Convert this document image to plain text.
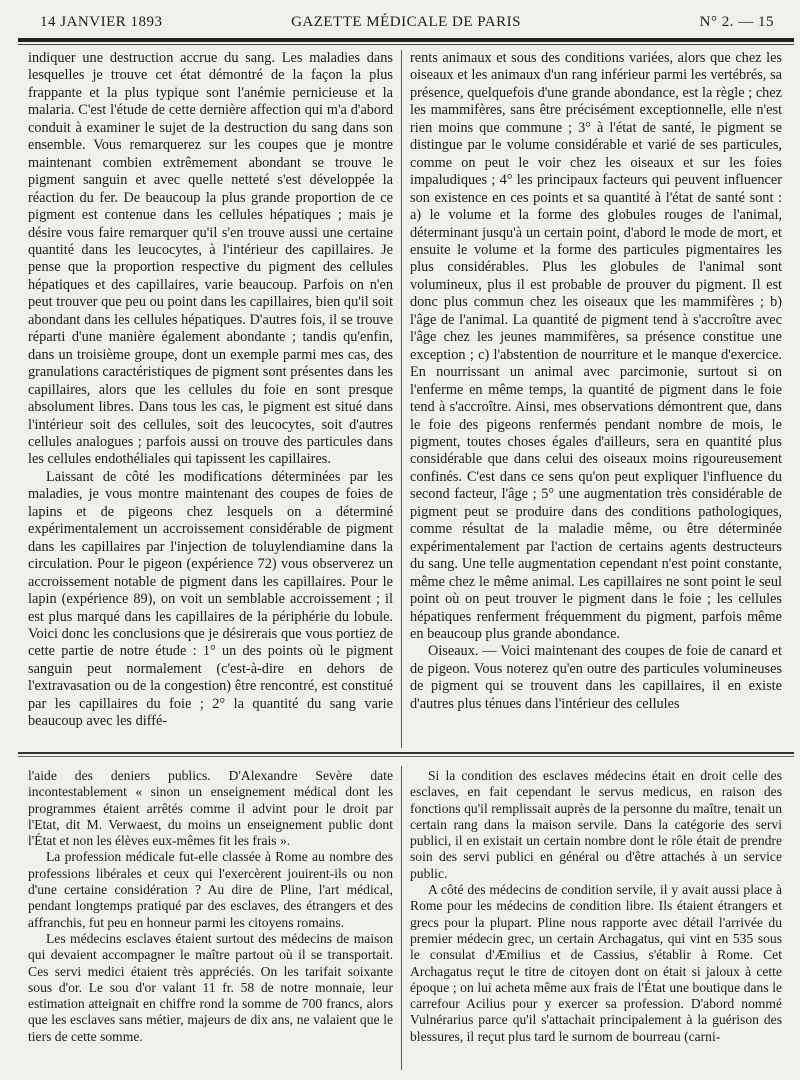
14 JANVIER 1893	GAZETTE MÉDICALE DE PARIS	N° 2. — 15

indiquer une destruction accrue du sang. Les maladies dans lesquelles je trouve cet état démontré de la façon la plus frappante et la plus typique sont l'anémie pernicieuse et la malaria. C'est l'étude de cette dernière affection qui m'a d'abord conduit à examiner le sujet de la destruction du sang dans son ensemble. Vous remarquerez sur les coupes que je montre maintenant combien extrêmement abondant se trouve le pigment sanguin et avec quelle netteté s'est développée la réaction du fer. De beaucoup la plus grande proportion de ce pigment est contenue dans les cellules hépatiques ; mais je désire vous faire remarquer qu'il s'en trouve aussi une certaine quantité dans les leucocytes, à l'intérieur des capillaires. Je pense que la proportion respective du pigment des cellules hépatiques et des capillaires, varie beaucoup. Parfois on n'en peut trouver que peu ou point dans les capillaires, bien qu'il soit abondant dans les cellules hépatiques. D'autres fois, il se trouve réparti d'une manière également abondante ; tandis qu'enfin, dans un troisième groupe, dont un exemple parmi mes cas, des granulations caractéristiques de pigment sont présentes dans les capillaires, alors que les cellules du foie en sont presque absolument libres. Dans tous les cas, le pigment est situé dans l'intérieur soit des cellules, soit des leucocytes, soit d'autres cellules analogues ; parfois aussi on trouve des particules dans les cellules endothéliales qui tapissent les capillaires.

Laissant de côté les modifications déterminées par les maladies, je vous montre maintenant des coupes de foies de lapins et de pigeons chez lesquels on a déterminé expérimentalement un accroissement considérable de pigment dans les capillaires par l'injection de toluylendiamine dans la circulation. Pour le pigeon (expérience 72) vous observerez un accroissement notable de pigment dans les capillaires. Pour le lapin (expérience 89), on voit un semblable accroissement ; il est plus marqué dans les capillaires de la périphérie du lobule. Voici donc les conclusions que je désirerais que vous portiez de cette partie de notre étude : 1° un des points où le pigment sanguin peut normalement (c'est-à-dire en dehors de l'extravasation ou de la congestion) être rencontré, est constitué par les capillaires du foie ; 2° la quantité du sang varie beaucoup avec les diffé-

rents animaux et sous des conditions variées, alors que chez les oiseaux et les animaux d'un rang inférieur parmi les vertébrés, sa présence, quelquefois d'une grande abondance, est la règle ; chez les mammifères, sans être précisément exceptionnelle, elle n'est rien moins que commune ; 3° à l'état de santé, le pigment se distingue par le volume considérable et varié de ses particules, comme on peut le voir chez les oiseaux et sur les foies impaludiques ; 4° les principaux facteurs qui peuvent influencer son existence en ces points et sa quantité à l'état de santé sont : a) le volume et la forme des globules rouges de l'animal, déterminant jusqu'à un certain point, d'abord le mode de mort, et ensuite le volume et la forme des particules pigmentaires les plus considérables. Plus les globules de l'animal sont volumineux, plus il est probable de prouver du pigment. Il est donc plus commun chez les oiseaux que les mammifères ; b) l'âge de l'animal. La quantité de pigment tend à s'accroître avec l'âge chez les jeunes mammifères, sa présence constitue une exception ; c) l'abstention de nourriture et le manque d'exercice. En nourrissant un animal avec parcimonie, surtout si on l'enferme en même temps, la quantité de pigment dans le foie tend à s'accroître. Ainsi, mes observations démontrent que, dans le foie des pigeons renfermés pendant nombre de mois, le pigment, toutes choses égales d'ailleurs, sera en quantité plus considérable que dans celui des oiseaux moins rigoureusement confinés. C'est dans ce sens qu'on peut expliquer l'influence du second facteur, l'âge ; 5° une augmentation très considérable de pigment peut se produire dans des conditions pathologiques, comme résultat de la maladie même, ou être déterminée expérimentalement par l'action de certains agents destructeurs du sang. Une telle augmentation cependant n'est point constante, même chez le même animal. Les capillaires ne sont point le seul point où on peut trouver le pigment dans le foie ; les cellules hépatiques renferment fréquemment du pigment, parfois même en beaucoup plus grande abondance.

Oiseaux. — Voici maintenant des coupes de foie de canard et de pigeon. Vous noterez qu'en outre des particules volumineuses de pigment qui se trouvent dans les capillaires, il en existe d'autres plus ténues dans l'intérieur des cellules

l'aide des deniers publics. D'Alexandre Sevère date incontestablement « sinon un enseignement médical dont les programmes étaient arrêtés comme il advint pour le droit par l'Etat, dit M. Verwaest, du moins un enseignement public dont l'État et non les élèves eux-mêmes fit les frais ».

La profession médicale fut-elle classée à Rome au nombre des professions libérales et ceux qui l'exercèrent jouirent-ils ou non d'une certaine considération ? Au dire de Pline, l'art médical, pendant longtemps pratiqué par des esclaves, des étrangers et des affranchis, fut peu en honneur parmi les citoyens romains.

Les médecins esclaves étaient surtout des médecins de maison qui devaient accompagner le maître partout où il se transportait. Ces servi medici étaient très appréciés. On les tarifait soixante sous d'or. Le sou d'or valant 11 fr. 58 de notre monnaie, leur estimation atteignait en chiffre rond la somme de 700 francs, alors que les esclaves sans métier, majeurs de dix ans, ne valaient que le tiers de cette somme.

Si la condition des esclaves médecins était en droit celle des esclaves, en fait cependant le servus medicus, en raison des fonctions qu'il remplissait auprès de la personne du maître, tenait un certain rang dans la maison servile. Dans la catégorie des servi publici, il en existait un certain nombre dont le rôle était de prendre soin des servi publici en général ou d'être attachés à un service public.

A côté des médecins de condition servile, il y avait aussi place à Rome pour les médecins de condition libre. Ils étaient étrangers et grecs pour la plupart. Pline nous rapporte avec détail l'arrivée du premier médecin grec, un certain Archagatus, qui vint en 535 sous le consulat d'Æmilius et de Cassius, s'établir à Rome. Cet Archagatus reçut le titre de citoyen dont on était si jaloux à cette époque ; on lui acheta même aux frais de l'État une boutique dans le carrefour Acilius pour y exercer sa profession. D'abord nommé Vulnérarius parce qu'il s'attachait principalement à la guérison des blessures, il reçut plus tard le surnom de bourreau (carni-
